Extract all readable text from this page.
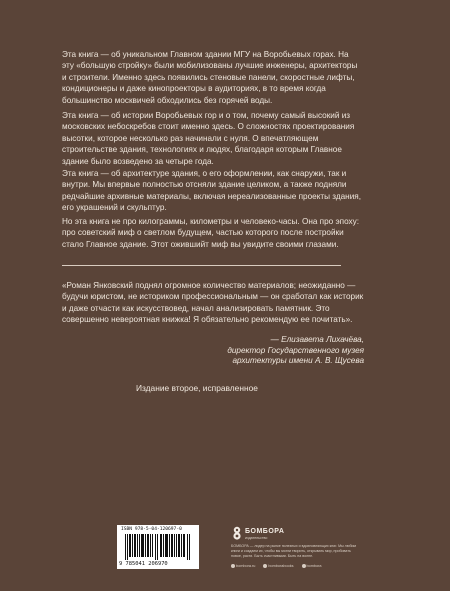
Эта книга — об уникальном Главном здании МГУ на Воробьевых горах. На эту «большую стройку» были мобилизованы лучшие инженеры, архитекторы и строители. Именно здесь появились стеновые панели, скоростные лифты, кондиционеры и даже кинопроекторы в аудиториях, в то время когда большинство москвичей обходились без горячей воды.

Эта книга — об истории Воробьевых гор и о том, почему самый высокий из московских небоскребов стоит именно здесь. О сложностях проектирования высотки, которое несколько раз начинали с нуля. О впечатляющем строительстве здания, технологиях и людях, благодаря которым Главное здание было возведено за четыре года.

Эта книга — об архитектуре здания, о его оформлении, как снаружи, так и внутри. Мы впервые полностью отсняли здание целиком, а также подняли редчайшие архивные материалы, включая нереализованные проекты здания, его украшений и скульптур.

Но эта книга не про килограммы, километры и человеко-часы. Она про эпоху: про советский миф о светлом будущем, частью которого после постройки стало Главное здание. Этот ожившийт миф вы увидите своими глазами.

«Роман Янковский поднял огромное количество материалов; неожиданно — будучи юристом, не историком профессиональным — он сработал как историк и даже отчасти как искусствовед, начал анализировать памятник. Это совершенно невероятная книжка! Я обязательно рекомендую ее почитать».

— Елизавета Лихачёва,
директор Государственного музея
архитектуры имени А. В. Щусева
Издание второе, исправленное
ISBN 978-5-04-120697-0
9 785041 206970
БОМБОРА
издательство
БОМБОРА — лидер на рынке полезных и вдохновляющих книг. Мы любим книги и создаем их, чтобы вы могли творить, открывать мир, пробовать новое, расти. Быть счастливыми. Быть на волне.
bombora.ru	bomborabooks	bombora
